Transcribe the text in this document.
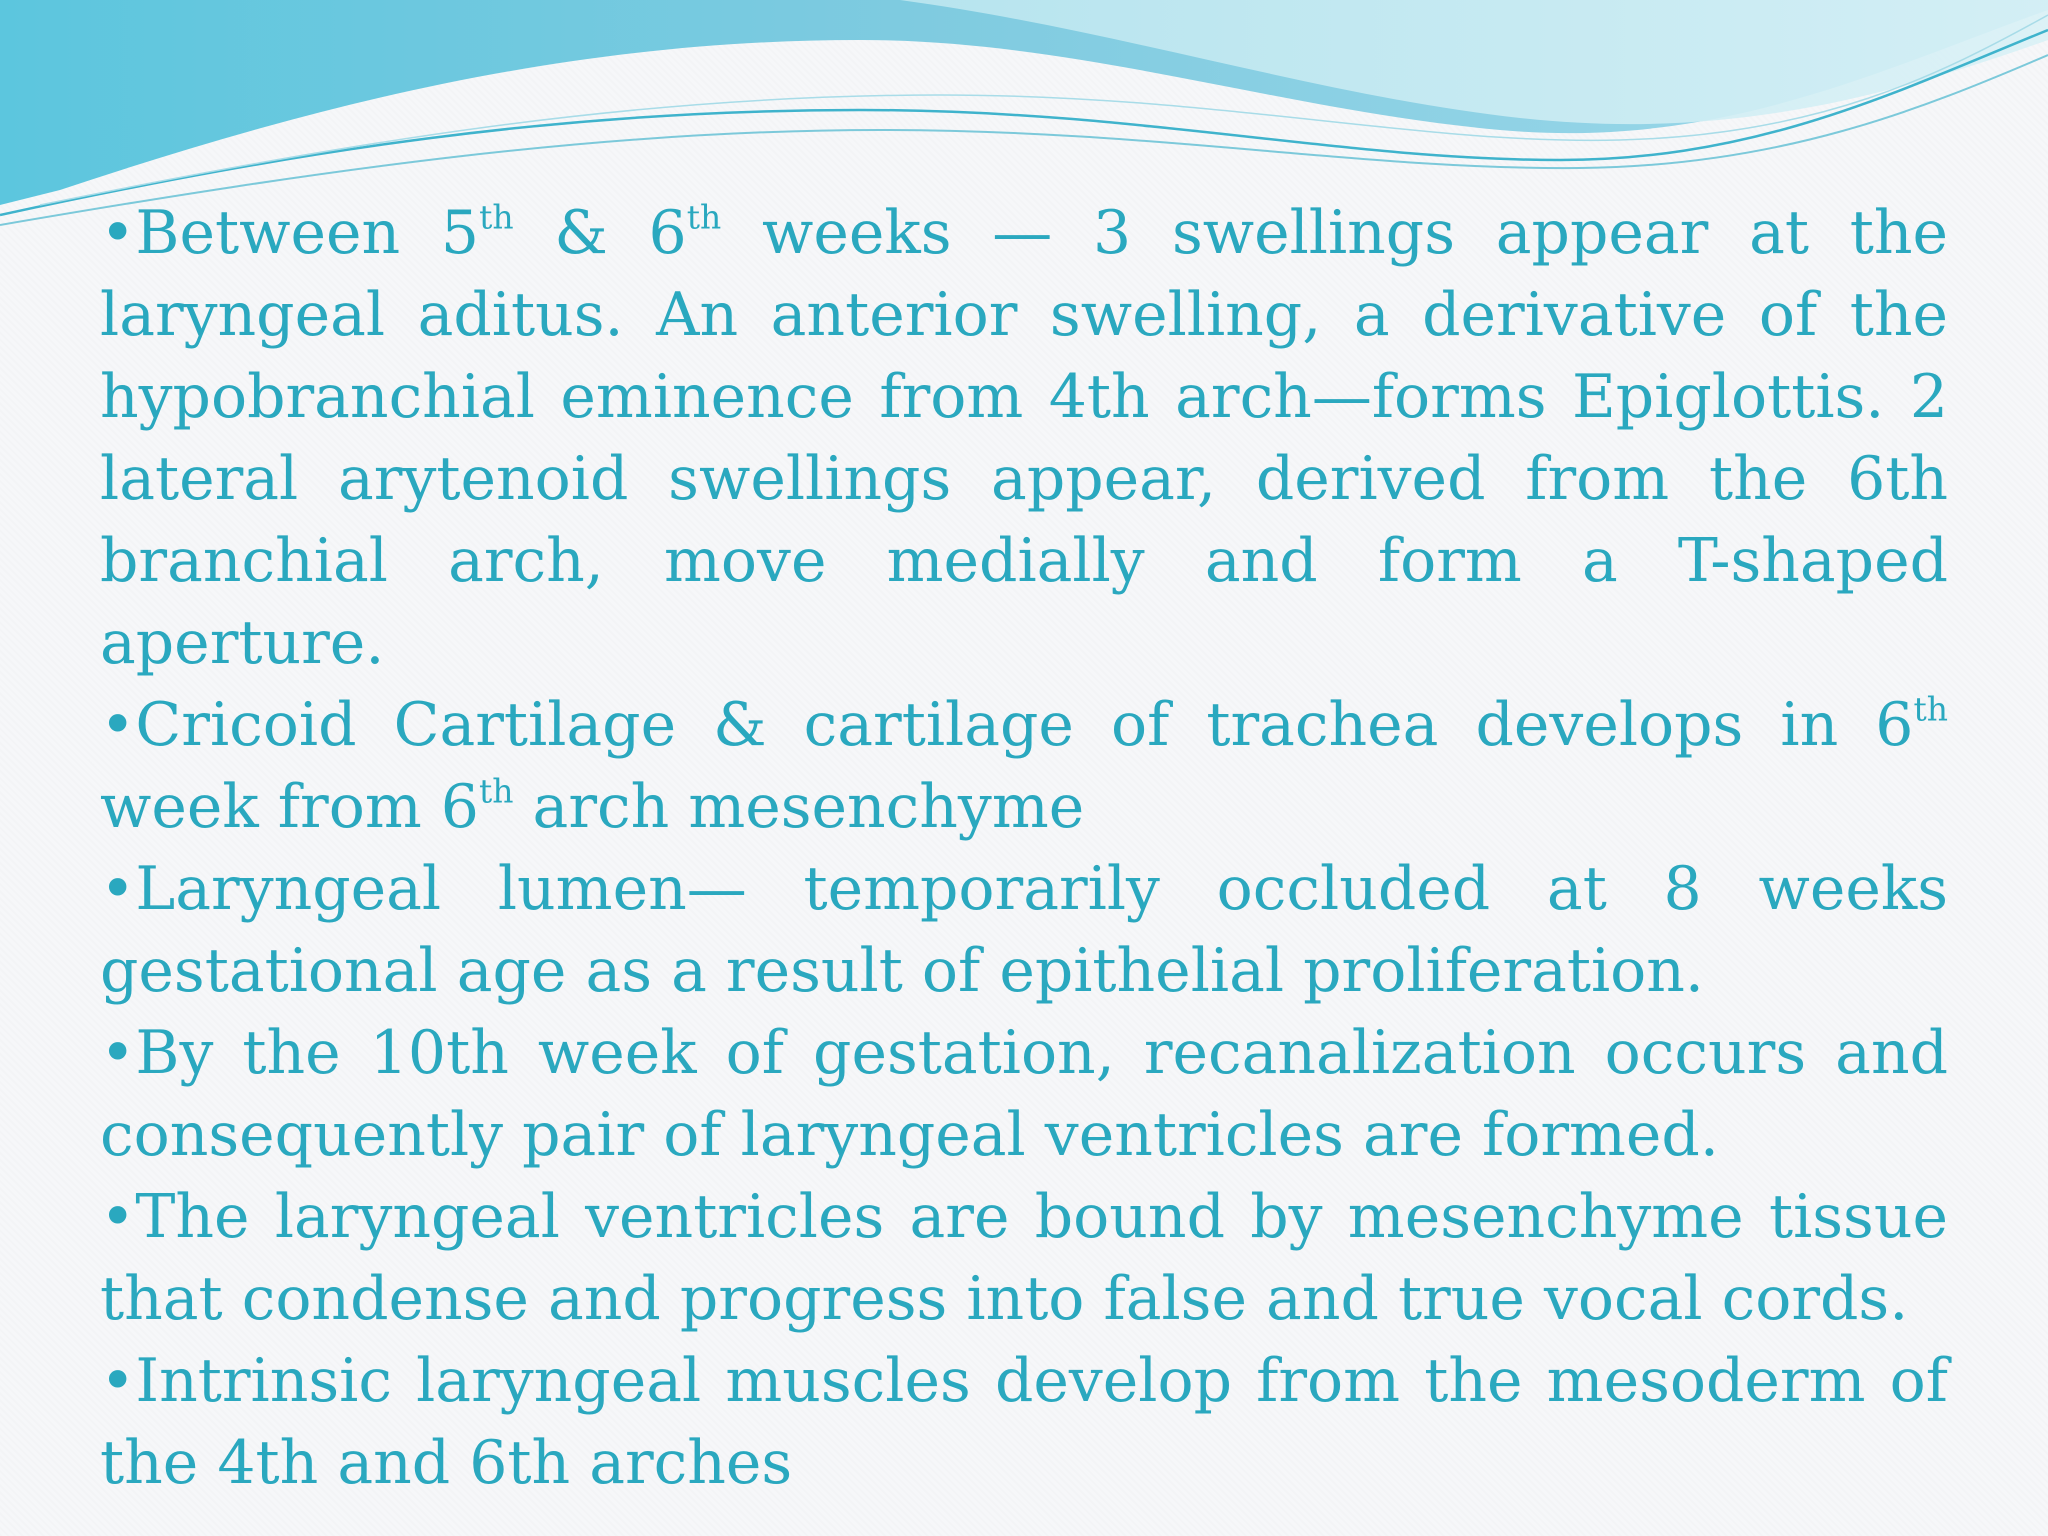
•Between 5th & 6th weeks — 3 swellings appear at the laryngeal aditus. An anterior swelling, a derivative of the hypobranchial eminence from 4th arch—forms Epiglottis. 2 lateral arytenoid swellings appear, derived from the 6th branchial arch, move medially and form a T-shaped aperture.

•Cricoid Cartilage & cartilage of trachea develops in 6th week from 6th arch mesenchyme

•Laryngeal lumen— temporarily occluded at 8 weeks gestational age as a result of epithelial proliferation.

•By the 10th week of gestation, recanalization occurs and consequently pair of laryngeal ventricles are formed.

•The laryngeal ventricles are bound by mesenchyme tissue that condense and progress into false and true vocal cords.

•Intrinsic laryngeal muscles develop from the mesoderm of the 4th and 6th arches
